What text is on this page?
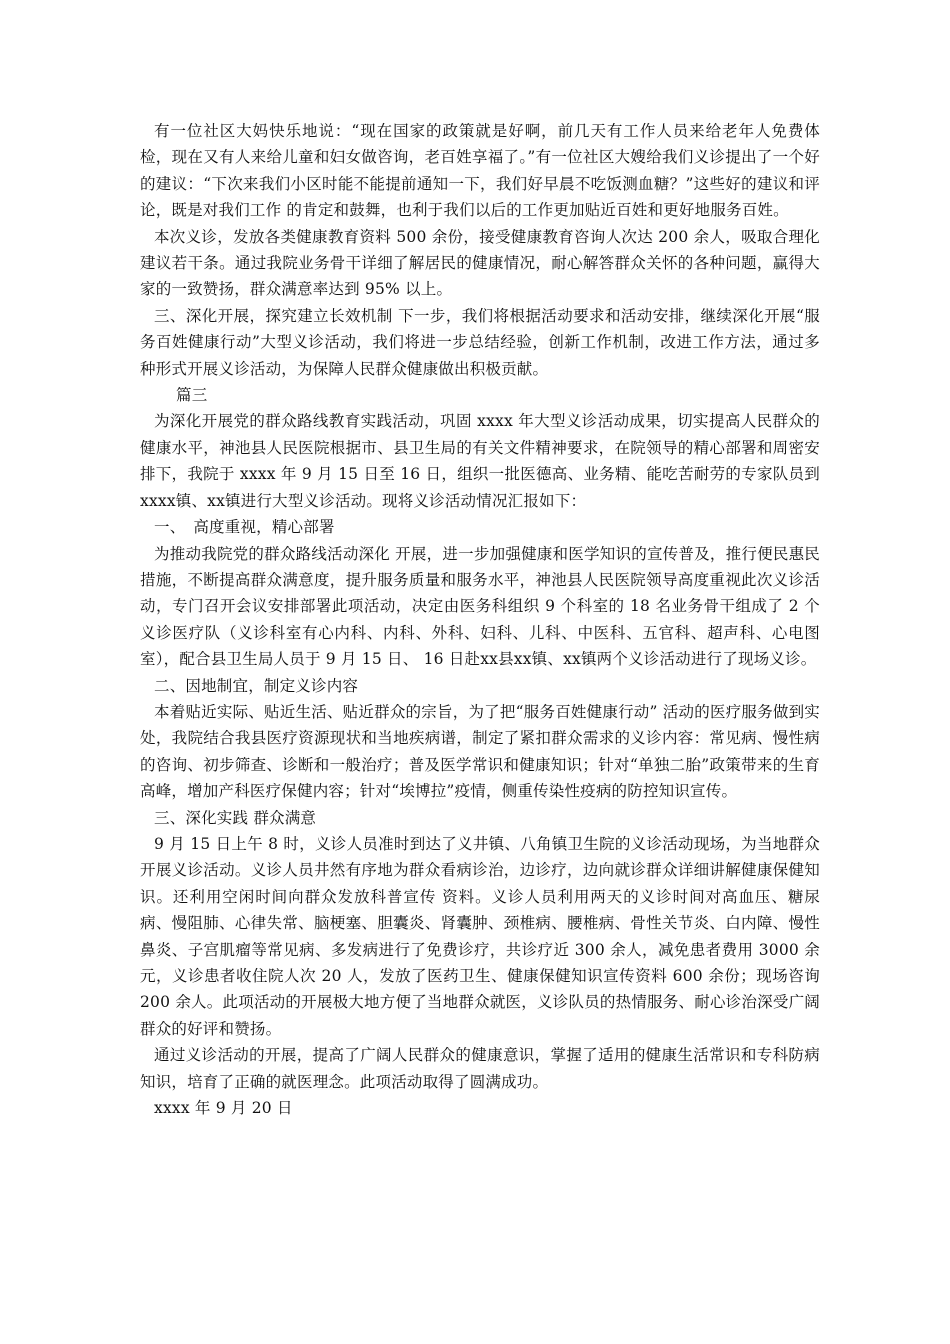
有一位社区大妈快乐地说：“现在国家的政策就是好啊，前几天有工作人员来给老年人免费体检，现在又有人来给儿童和妇女做咨询，老百姓享福了。”有一位社区大嫂给我们义诊提出了一个好的建议：“下次来我们小区时能不能提前通知一下，我们好早晨不吃饭测血糖？”这些好的建议和评论，既是对我们工作 的肯定和鼓舞，也利于我们以后的工作更加贴近百姓和更好地服务百姓。

本次义诊，发放各类健康教育资料 500 余份，接受健康教育咨询人次达 200 余人，吸取合理化建议若干条。通过我院业务骨干详细了解居民的健康情况，耐心解答群众关怀的各种问题，赢得大家的一致赞扬，群众满意率达到 95% 以上。

三、深化开展，探究建立长效机制 下一步，我们将根据活动要求和活动安排，继续深化开展“服务百姓健康行动”大型义诊活动，我们将进一步总结经验，创新工作机制，改进工作方法，通过多种形式开展义诊活动，为保障人民群众健康做出积极贡献。

篇三

为深化开展党的群众路线教育实践活动，巩固 xxxx 年大型义诊活动成果，切实提高人民群众的健康水平，神池县人民医院根据市、县卫生局的有关文件精神要求，在院领导的精心部署和周密安排下，我院于 xxxx 年 9 月 15 日至 16 日，组织一批医德高、业务精、能吃苦耐劳的专家队员到xxxx镇、xx镇进行大型义诊活动。现将义诊活动情况汇报如下：

一、　高度重视，精心部署

为推动我院党的群众路线活动深化 开展，进一步加强健康和医学知识的宣传普及，推行便民惠民措施，不断提高群众满意度，提升服务质量和服务水平，神池县人民医院领导高度重视此次义诊活动，专门召开会议安排部署此项活动，决定由医务科组织 9 个科室的 18 名业务骨干组成了 2 个义诊医疗队（义诊科室有心内科、内科、外科、妇科、儿科、中医科、五官科、超声科、心电图室），配合县卫生局人员于 9 月 15 日、 16 日赴xx县xx镇、xx镇两个义诊活动进行了现场义诊。

二、因地制宜，制定义诊内容

本着贴近实际、贴近生活、贴近群众的宗旨，为了把“服务百姓健康行动” 活动的医疗服务做到实处，我院结合我县医疗资源现状和当地疾病谱，制定了紧扣群众需求的义诊内容：常见病、慢性病的咨询、初步筛查、诊断和一般治疗；普及医学常识和健康知识；针对“单独二胎”政策带来的生育高峰，增加产科医疗保健内容；针对“埃博拉”疫情，侧重传染性疫病的防控知识宣传。

三、深化实践 群众满意

9 月 15 日上午 8 时，义诊人员准时到达了义井镇、八角镇卫生院的义诊活动现场，为当地群众开展义诊活动。义诊人员井然有序地为群众看病诊治，边诊疗，边向就诊群众详细讲解健康保健知识。还利用空闲时间向群众发放科普宣传 资料。义诊人员利用两天的义诊时间对高血压、糖尿病、慢阻肺、心律失常、脑梗塞、胆囊炎、肾囊肿、颈椎病、腰椎病、骨性关节炎、白内障、慢性鼻炎、子宫肌瘤等常见病、多发病进行了免费诊疗，共诊疗近 300 余人，减免患者费用 3000 余元，义诊患者收住院人次 20 人，发放了医药卫生、健康保健知识宣传资料 600 余份；现场咨询 200 余人。此项活动的开展极大地方便了当地群众就医，义诊队员的热情服务、耐心诊治深受广阔群众的好评和赞扬。

通过义诊活动的开展，提高了广阔人民群众的健康意识，掌握了适用的健康生活常识和专科防病知识，培育了正确的就医理念。此项活动取得了圆满成功。

xxxx 年 9 月 20 日
